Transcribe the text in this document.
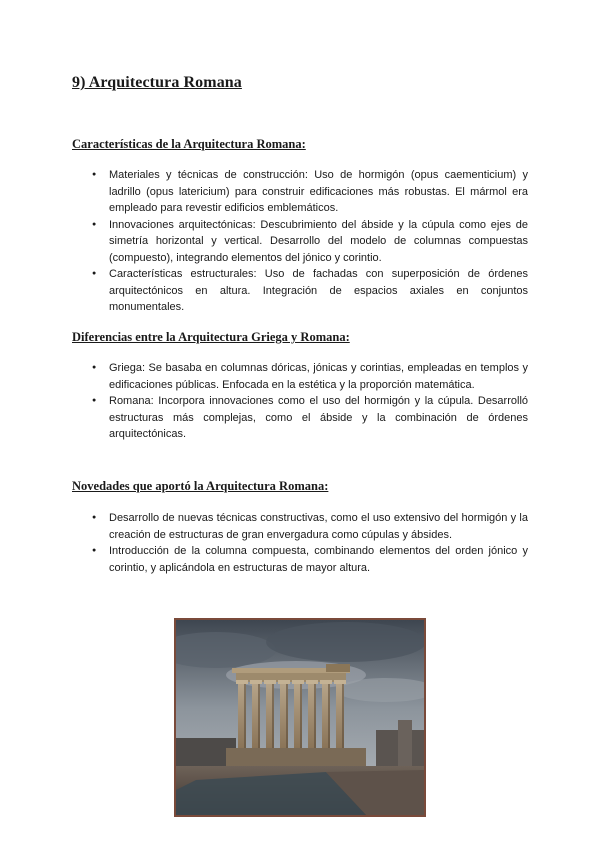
9) Arquitectura Romana
Características de la Arquitectura Romana:
● Materiales y técnicas de construcción: Uso de hormigón (opus caementicium) y ladrillo (opus latericium) para construir edificaciones más robustas. El mármol era empleado para revestir edificios emblemáticos.
● Innovaciones arquitectónicas: Descubrimiento del ábside y la cúpula como ejes de simetría horizontal y vertical. Desarrollo del modelo de columnas compuestas (compuesto), integrando elementos del jónico y corintio.
● Características estructurales: Uso de fachadas con superposición de órdenes arquitectónicos en altura. Integración de espacios axiales en conjuntos monumentales.
Diferencias entre la Arquitectura Griega y Romana:
● Griega: Se basaba en columnas dóricas, jónicas y corintias, empleadas en templos y edificaciones públicas. Enfocada en la estética y la proporción matemática.
● Romana: Incorpora innovaciones como el uso del hormigón y la cúpula. Desarrolló estructuras más complejas, como el ábside y la combinación de órdenes arquitectónicas.
Novedades que aportó la Arquitectura Romana:
● Desarrollo de nuevas técnicas constructivas, como el uso extensivo del hormigón y la creación de estructuras de gran envergadura como cúpulas y ábsides.
● Introducción de la columna compuesta, combinando elementos del orden jónico y corintio, y aplicándola en estructuras de mayor altura.
